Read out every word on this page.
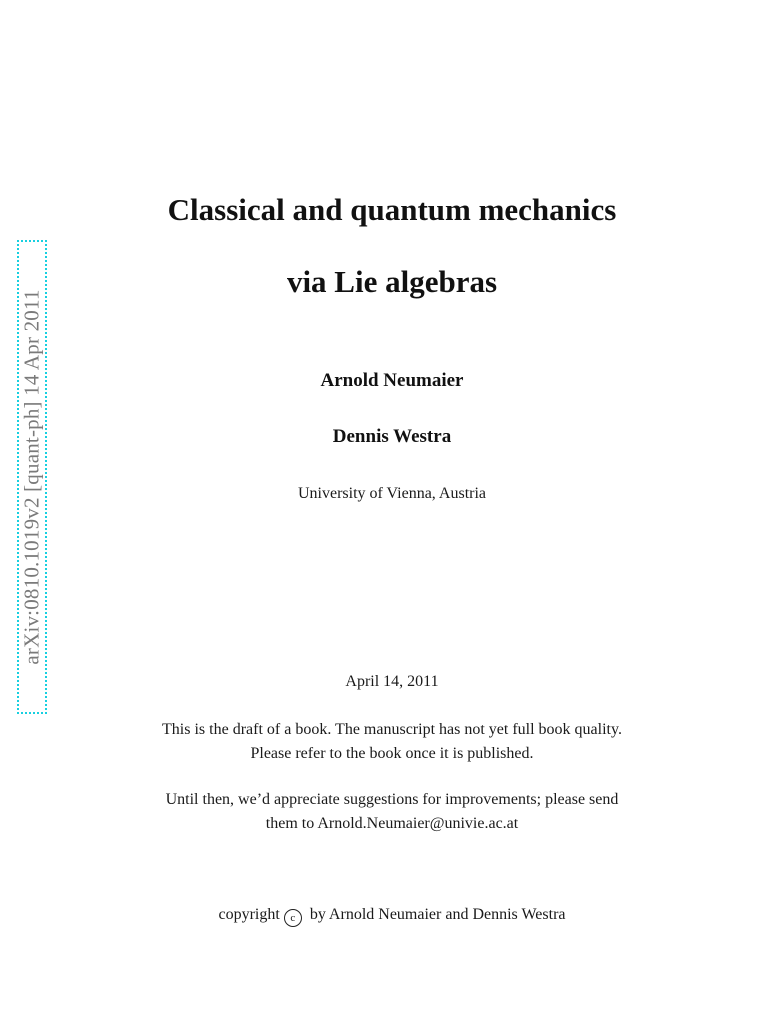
arXiv:0810.1019v2 [quant-ph] 14 Apr 2011
Classical and quantum mechanics
via Lie algebras

Arnold Neumaier

Dennis Westra

University of Vienna, Austria

April 14, 2011

This is the draft of a book. The manuscript has not yet full book quality.
Please refer to the book once it is published.
Until then, we’d appreciate suggestions for improvements; please send
them to Arnold.Neumaier@univie.ac.at

copyright c by Arnold Neumaier and Dennis Westra
